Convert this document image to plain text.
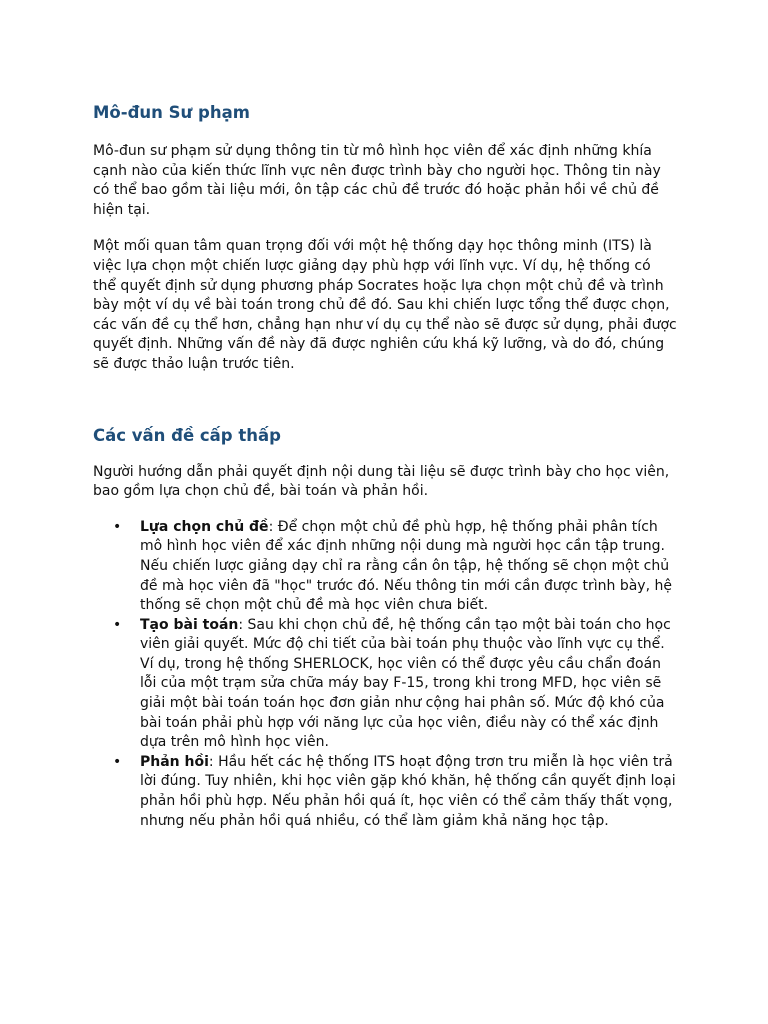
Mô-đun Sư phạm

Mô-đun sư phạm sử dụng thông tin từ mô hình học viên để xác định những khía cạnh nào của kiến thức lĩnh vực nên được trình bày cho người học. Thông tin này có thể bao gồm tài liệu mới, ôn tập các chủ đề trước đó hoặc phản hồi về chủ đề hiện tại.

Một mối quan tâm quan trọng đối với một hệ thống dạy học thông minh (ITS) là việc lựa chọn một chiến lược giảng dạy phù hợp với lĩnh vực. Ví dụ, hệ thống có thể quyết định sử dụng phương pháp Socrates hoặc lựa chọn một chủ đề và trình bày một ví dụ về bài toán trong chủ đề đó. Sau khi chiến lược tổng thể được chọn, các vấn đề cụ thể hơn, chẳng hạn như ví dụ cụ thể nào sẽ được sử dụng, phải được quyết định. Những vấn đề này đã được nghiên cứu khá kỹ lưỡng, và do đó, chúng sẽ được thảo luận trước tiên.

Các vấn đề cấp thấp

Người hướng dẫn phải quyết định nội dung tài liệu sẽ được trình bày cho học viên, bao gồm lựa chọn chủ đề, bài toán và phản hồi.

• Lựa chọn chủ đề: Để chọn một chủ đề phù hợp, hệ thống phải phân tích mô hình học viên để xác định những nội dung mà người học cần tập trung. Nếu chiến lược giảng dạy chỉ ra rằng cần ôn tập, hệ thống sẽ chọn một chủ đề mà học viên đã "học" trước đó. Nếu thông tin mới cần được trình bày, hệ thống sẽ chọn một chủ đề mà học viên chưa biết.
• Tạo bài toán: Sau khi chọn chủ đề, hệ thống cần tạo một bài toán cho học viên giải quyết. Mức độ chi tiết của bài toán phụ thuộc vào lĩnh vực cụ thể. Ví dụ, trong hệ thống SHERLOCK, học viên có thể được yêu cầu chẩn đoán lỗi của một trạm sửa chữa máy bay F-15, trong khi trong MFD, học viên sẽ giải một bài toán toán học đơn giản như cộng hai phân số. Mức độ khó của bài toán phải phù hợp với năng lực của học viên, điều này có thể xác định dựa trên mô hình học viên.
• Phản hồi: Hầu hết các hệ thống ITS hoạt động trơn tru miễn là học viên trả lời đúng. Tuy nhiên, khi học viên gặp khó khăn, hệ thống cần quyết định loại phản hồi phù hợp. Nếu phản hồi quá ít, học viên có thể cảm thấy thất vọng, nhưng nếu phản hồi quá nhiều, có thể làm giảm khả năng học tập.
